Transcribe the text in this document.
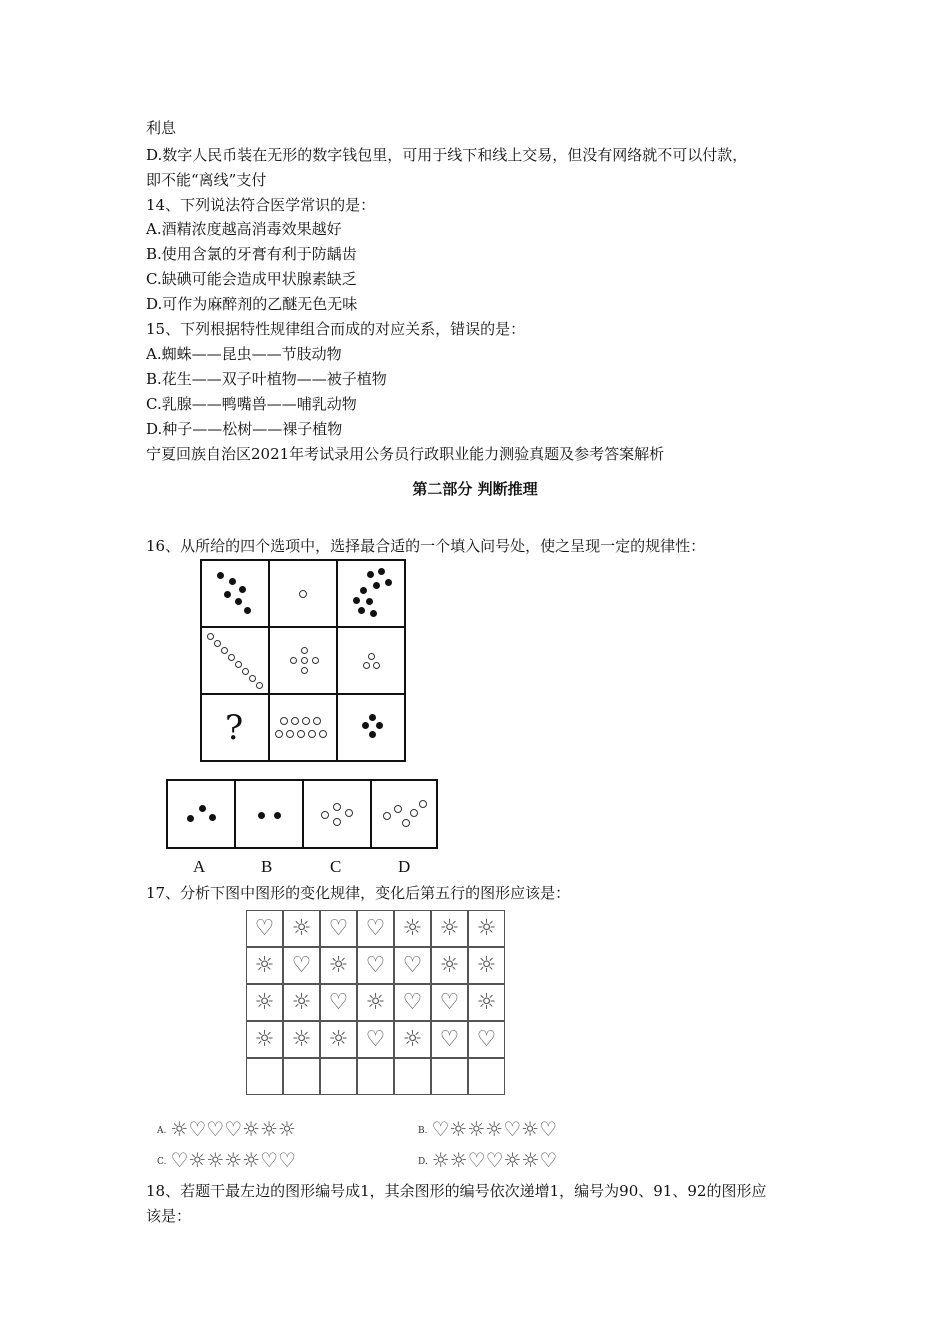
利息
D.数字人民币装在无形的数字钱包里，可用于线下和线上交易，但没有网络就不可以付款，
即不能“离线”支付
14、下列说法符合医学常识的是：
A.酒精浓度越高消毒效果越好
B.使用含氯的牙膏有利于防龋齿
C.缺碘可能会造成甲状腺素缺乏
D.可作为麻醉剂的乙醚无色无味
15、下列根据特性规律组合而成的对应关系，错误的是：
A.蜘蛛——昆虫——节肢动物
B.花生——双子叶植物——被子植物
C.乳腺——鸭嘴兽——哺乳动物
D.种子——松树——裸子植物
宁夏回族自治区2021年考试录用公务员行政职业能力测验真题及参考答案解析
第二部分 判断推理
16、从所给的四个选项中，选择最合适的一个填入问号处，使之呈现一定的规律性：
?
A	B	C	D
17、分析下图中图形的变化规律，变化后第五行的图形应该是：
♡ ☼ ♡ ♡ ☼ ☼ ☼
☼ ♡ ☼ ♡ ♡ ☼ ☼
☼ ☼ ♡ ☼ ♡ ♡ ☼
☼ ☼ ☼ ♡ ☼ ♡ ♡
A. ☼♡♡♡☼☼☼	B. ♡☼☼☼♡☼♡
C. ♡☼☼☼☼♡♡	D. ☼☼♡♡☼☼♡
18、若题干最左边的图形编号成1，其余图形的编号依次递增1，编号为90、91、92的图形应
该是：
